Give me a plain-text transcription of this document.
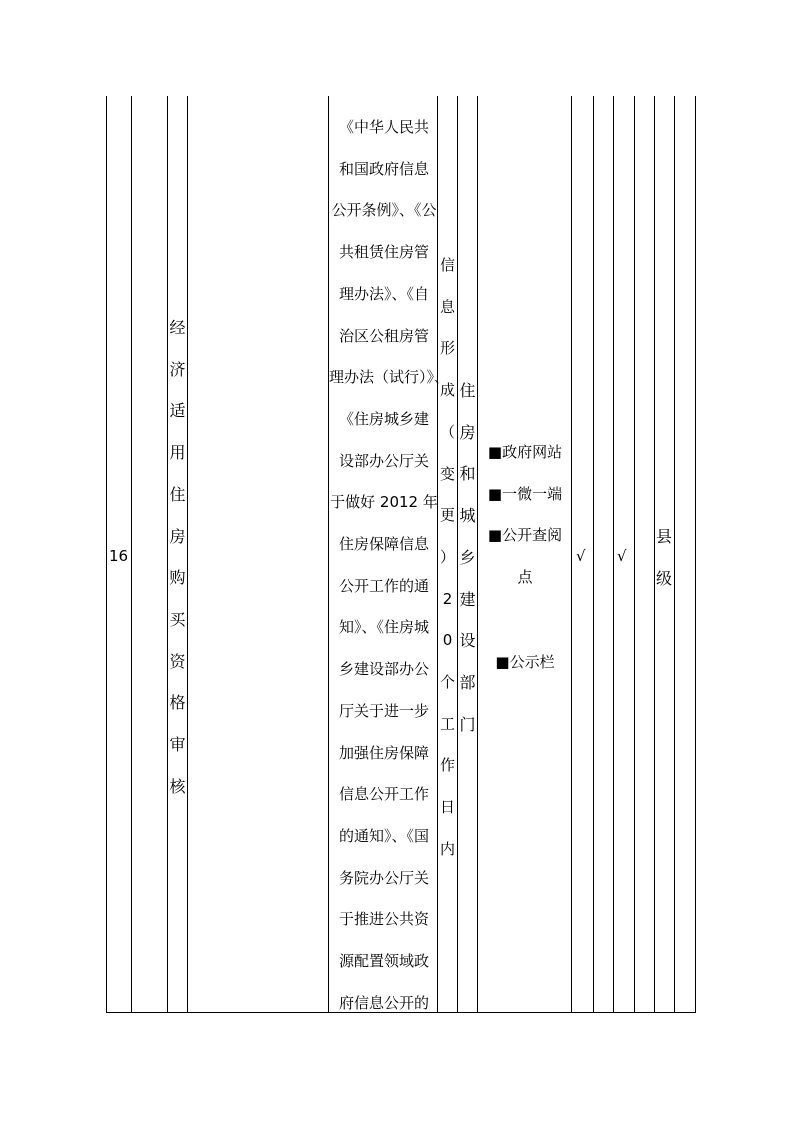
16
经
济
适
用
住
房
购
买
资
格
审
核
《中华人民共
和国政府信息
公开条例》、《公
共租赁住房管
理办法》、《自
治区公租房管
理办法（试行）》、
《住房城乡建
设部办公厅关
于做好 2012 年
住房保障信息
公开工作的通
知》、《住房城
乡建设部办公
厅关于进一步
加强住房保障
信息公开工作
的通知》、《国
务院办公厅关
于推进公共资
源配置领域政
府信息公开的
信
息
形
成
（
变
更
）
2
0
个
工
作
日
内
住
房
和
城
乡
建
设
部
门
■政府网站
■一微一端
■公开查阅
点
■公示栏
√ √
县
级
